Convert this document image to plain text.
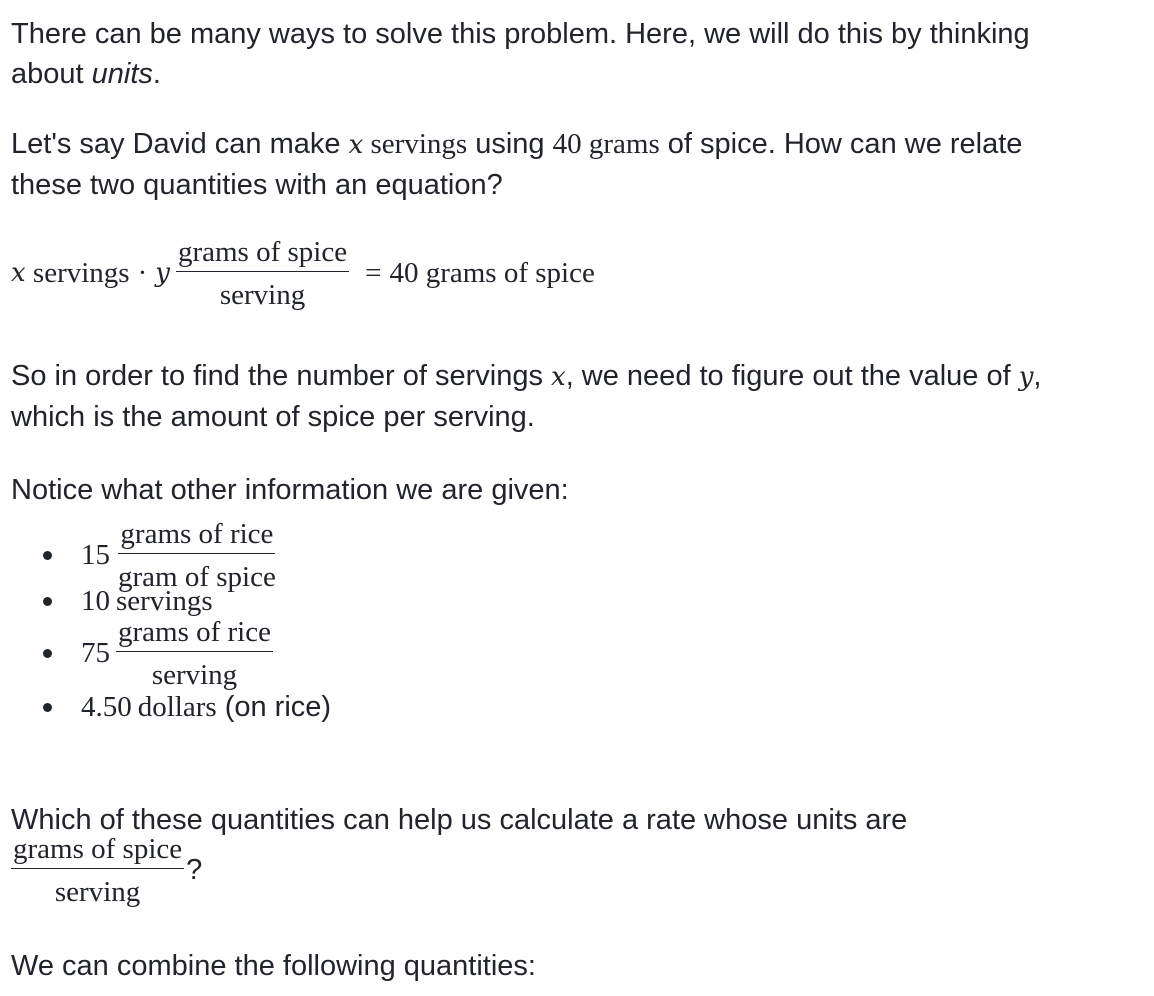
There can be many ways to solve this problem. Here, we will do this by thinking
about units.
Let's say David can make x servings using 40 grams of spice. How can we relate
these two quantities with an equation?
x servings · y $\frac{\text{grams of spice}}{\text{serving}} = 40$ grams of spice
So in order to find the number of servings x, we need to figure out the value of y,
which is the amount of spice per serving.
Notice what other information we are given:
$15 \frac{\text{grams of rice}}{\text{gram of spice}}$
10 servings
$75 \frac{\text{grams of rice}}{\text{serving}}$
4.50 dollars (on rice)
Which of these quantities can help us calculate a rate whose units are
$\frac{\text{grams of spice}}{\text{serving}}$ ?
We can combine the following quantities:
